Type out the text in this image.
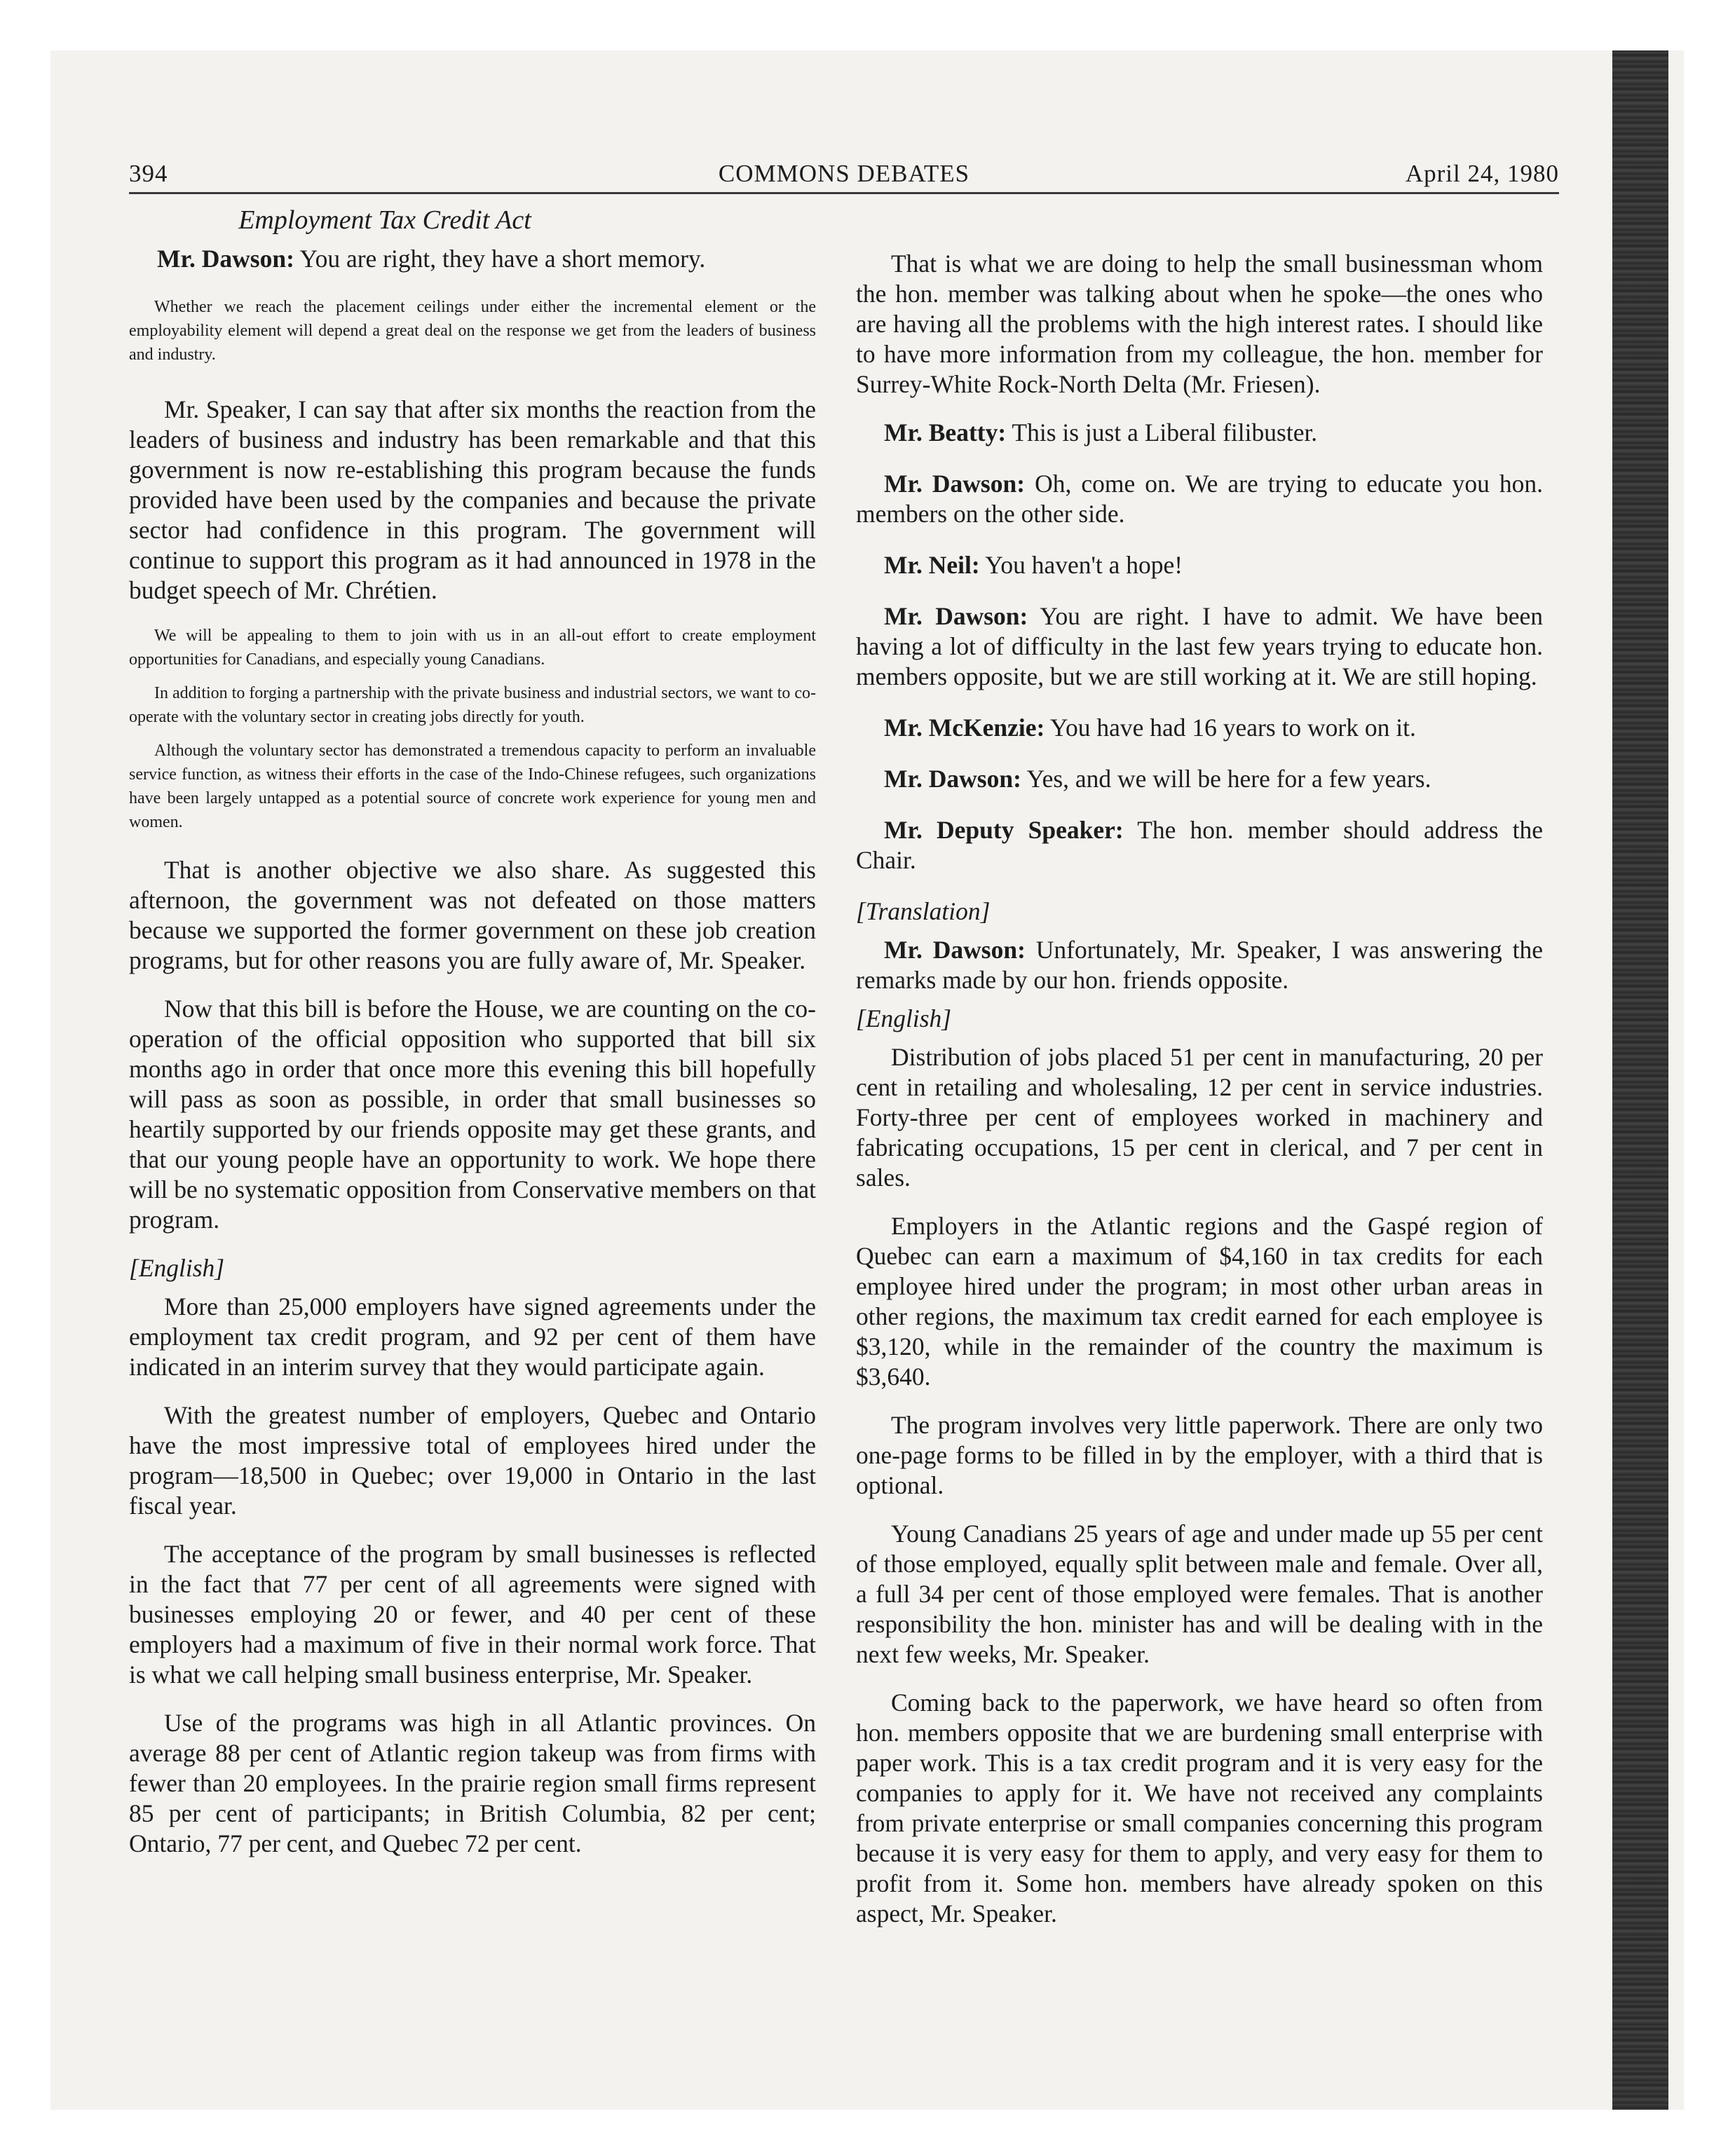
394	COMMONS DEBATES	April 24, 1980
Employment Tax Credit Act

Mr. Dawson: You are right, they have a short memory.

Whether we reach the placement ceilings under either the incremental element or the employability element will depend a great deal on the response we get from the leaders of business and industry.

Mr. Speaker, I can say that after six months the reaction from the leaders of business and industry has been remarkable and that this government is now re-establishing this program because the funds provided have been used by the companies and because the private sector had confidence in this program. The government will continue to support this program as it had announced in 1978 in the budget speech of Mr. Chrétien.

We will be appealing to them to join with us in an all-out effort to create employment opportunities for Canadians, and especially young Canadians.

In addition to forging a partnership with the private business and industrial sectors, we want to co-operate with the voluntary sector in creating jobs directly for youth.

Although the voluntary sector has demonstrated a tremendous capacity to perform an invaluable service function, as witness their efforts in the case of the Indo-Chinese refugees, such organizations have been largely untapped as a potential source of concrete work experience for young men and women.

That is another objective we also share. As suggested this afternoon, the government was not defeated on those matters because we supported the former government on these job creation programs, but for other reasons you are fully aware of, Mr. Speaker.

Now that this bill is before the House, we are counting on the co-operation of the official opposition who supported that bill six months ago in order that once more this evening this bill hopefully will pass as soon as possible, in order that small businesses so heartily supported by our friends opposite may get these grants, and that our young people have an opportunity to work. We hope there will be no systematic opposition from Conservative members on that program.

[English]

More than 25,000 employers have signed agreements under the employment tax credit program, and 92 per cent of them have indicated in an interim survey that they would participate again.

With the greatest number of employers, Quebec and Ontario have the most impressive total of employees hired under the program—18,500 in Quebec; over 19,000 in Ontario in the last fiscal year.

The acceptance of the program by small businesses is reflected in the fact that 77 per cent of all agreements were signed with businesses employing 20 or fewer, and 40 per cent of these employers had a maximum of five in their normal work force. That is what we call helping small business enterprise, Mr. Speaker.

Use of the programs was high in all Atlantic provinces. On average 88 per cent of Atlantic region takeup was from firms with fewer than 20 employees. In the prairie region small firms represent 85 per cent of participants; in British Columbia, 82 per cent; Ontario, 77 per cent, and Quebec 72 per cent.

That is what we are doing to help the small businessman whom the hon. member was talking about when he spoke—the ones who are having all the problems with the high interest rates. I should like to have more information from my colleague, the hon. member for Surrey-White Rock-North Delta (Mr. Friesen).

Mr. Beatty: This is just a Liberal filibuster.

Mr. Dawson: Oh, come on. We are trying to educate you hon. members on the other side.

Mr. Neil: You haven't a hope!

Mr. Dawson: You are right. I have to admit. We have been having a lot of difficulty in the last few years trying to educate hon. members opposite, but we are still working at it. We are still hoping.

Mr. McKenzie: You have had 16 years to work on it.

Mr. Dawson: Yes, and we will be here for a few years.

Mr. Deputy Speaker: The hon. member should address the Chair.

[Translation]

Mr. Dawson: Unfortunately, Mr. Speaker, I was answering the remarks made by our hon. friends opposite.

[English]

Distribution of jobs placed 51 per cent in manufacturing, 20 per cent in retailing and wholesaling, 12 per cent in service industries. Forty-three per cent of employees worked in machinery and fabricating occupations, 15 per cent in clerical, and 7 per cent in sales.

Employers in the Atlantic regions and the Gaspé region of Quebec can earn a maximum of $4,160 in tax credits for each employee hired under the program; in most other urban areas in other regions, the maximum tax credit earned for each employee is $3,120, while in the remainder of the country the maximum is $3,640.

The program involves very little paperwork. There are only two one-page forms to be filled in by the employer, with a third that is optional.

Young Canadians 25 years of age and under made up 55 per cent of those employed, equally split between male and female. Over all, a full 34 per cent of those employed were females. That is another responsibility the hon. minister has and will be dealing with in the next few weeks, Mr. Speaker.

Coming back to the paperwork, we have heard so often from hon. members opposite that we are burdening small enterprise with paper work. This is a tax credit program and it is very easy for the companies to apply for it. We have not received any complaints from private enterprise or small companies concerning this program because it is very easy for them to apply, and very easy for them to profit from it. Some hon. members have already spoken on this aspect, Mr. Speaker.
